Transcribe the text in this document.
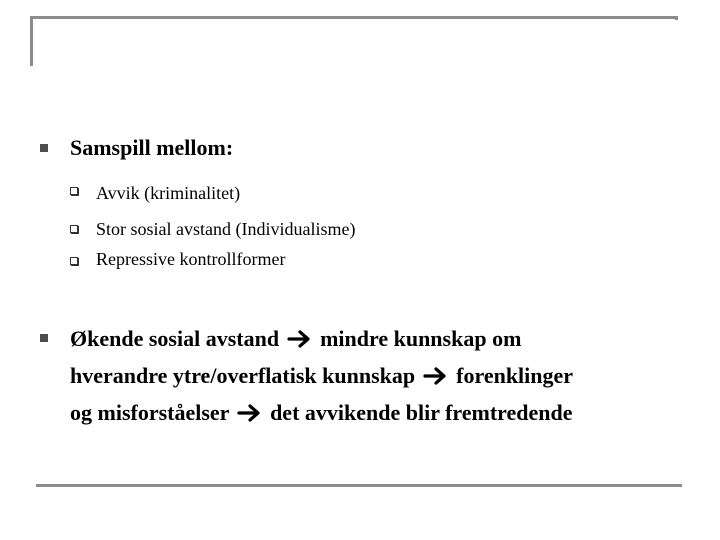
Samspill mellom:
Avvik (kriminalitet)
Stor sosial avstand (Individualisme)
Repressive kontrollformer
Økende sosial avstand mindre kunnskap om
hverandre ytre/overflatisk kunnskap forenklinger
og misforståelser det avvikende blir fremtredende
